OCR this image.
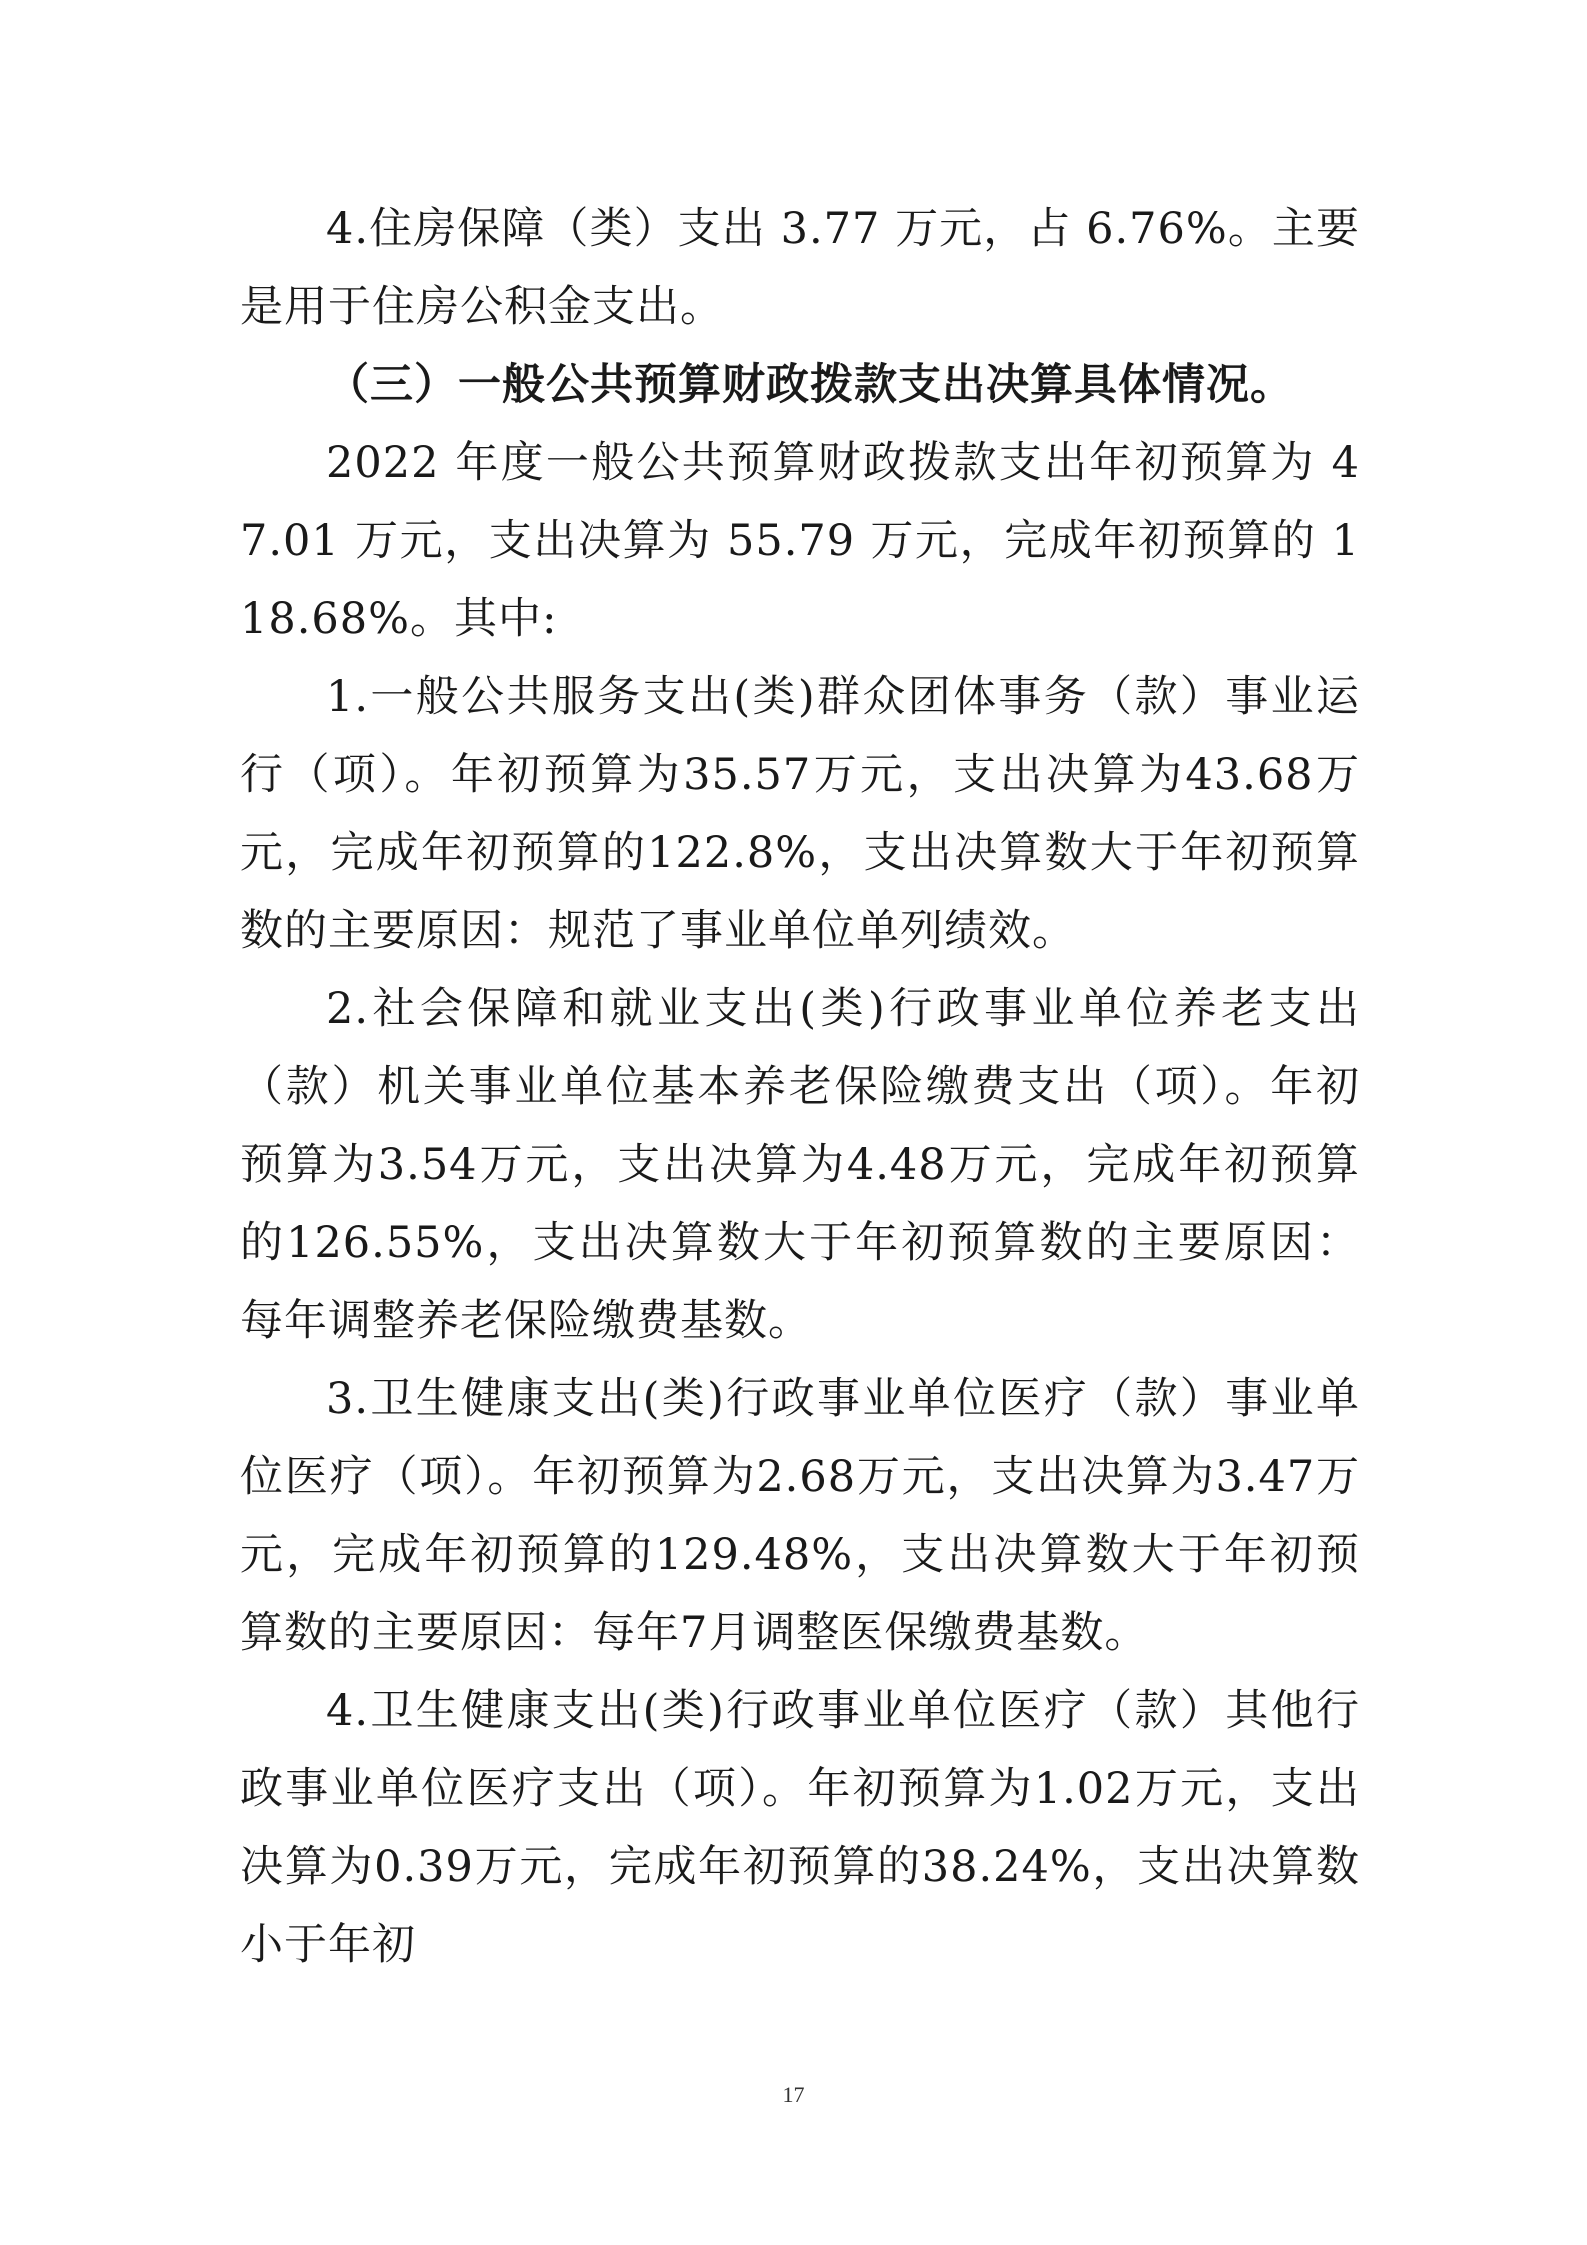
4.住房保障（类）支出 3.77 万元，占 6.76%。主要是用于住房公积金支出。

（三）一般公共预算财政拨款支出决算具体情况。

2022 年度一般公共预算财政拨款支出年初预算为 47.01 万元，支出决算为 55.79 万元，完成年初预算的 118.68%。其中:

1.一般公共服务支出(类)群众团体事务（款）事业运行（项）。年初预算为35.57万元，支出决算为43.68万元，完成年初预算的122.8%，支出决算数大于年初预算数的主要原因：规范了事业单位单列绩效。

2.社会保障和就业支出(类)行政事业单位养老支出（款）机关事业单位基本养老保险缴费支出（项）。年初预算为3.54万元，支出决算为4.48万元，完成年初预算的126.55%，支出决算数大于年初预算数的主要原因：每年调整养老保险缴费基数。

3.卫生健康支出(类)行政事业单位医疗（款）事业单位医疗（项）。年初预算为2.68万元，支出决算为3.47万元，完成年初预算的129.48%，支出决算数大于年初预算数的主要原因：每年7月调整医保缴费基数。

4.卫生健康支出(类)行政事业单位医疗（款）其他行政事业单位医疗支出（项）。年初预算为1.02万元，支出决算为0.39万元，完成年初预算的38.24%，支出决算数小于年初

17
